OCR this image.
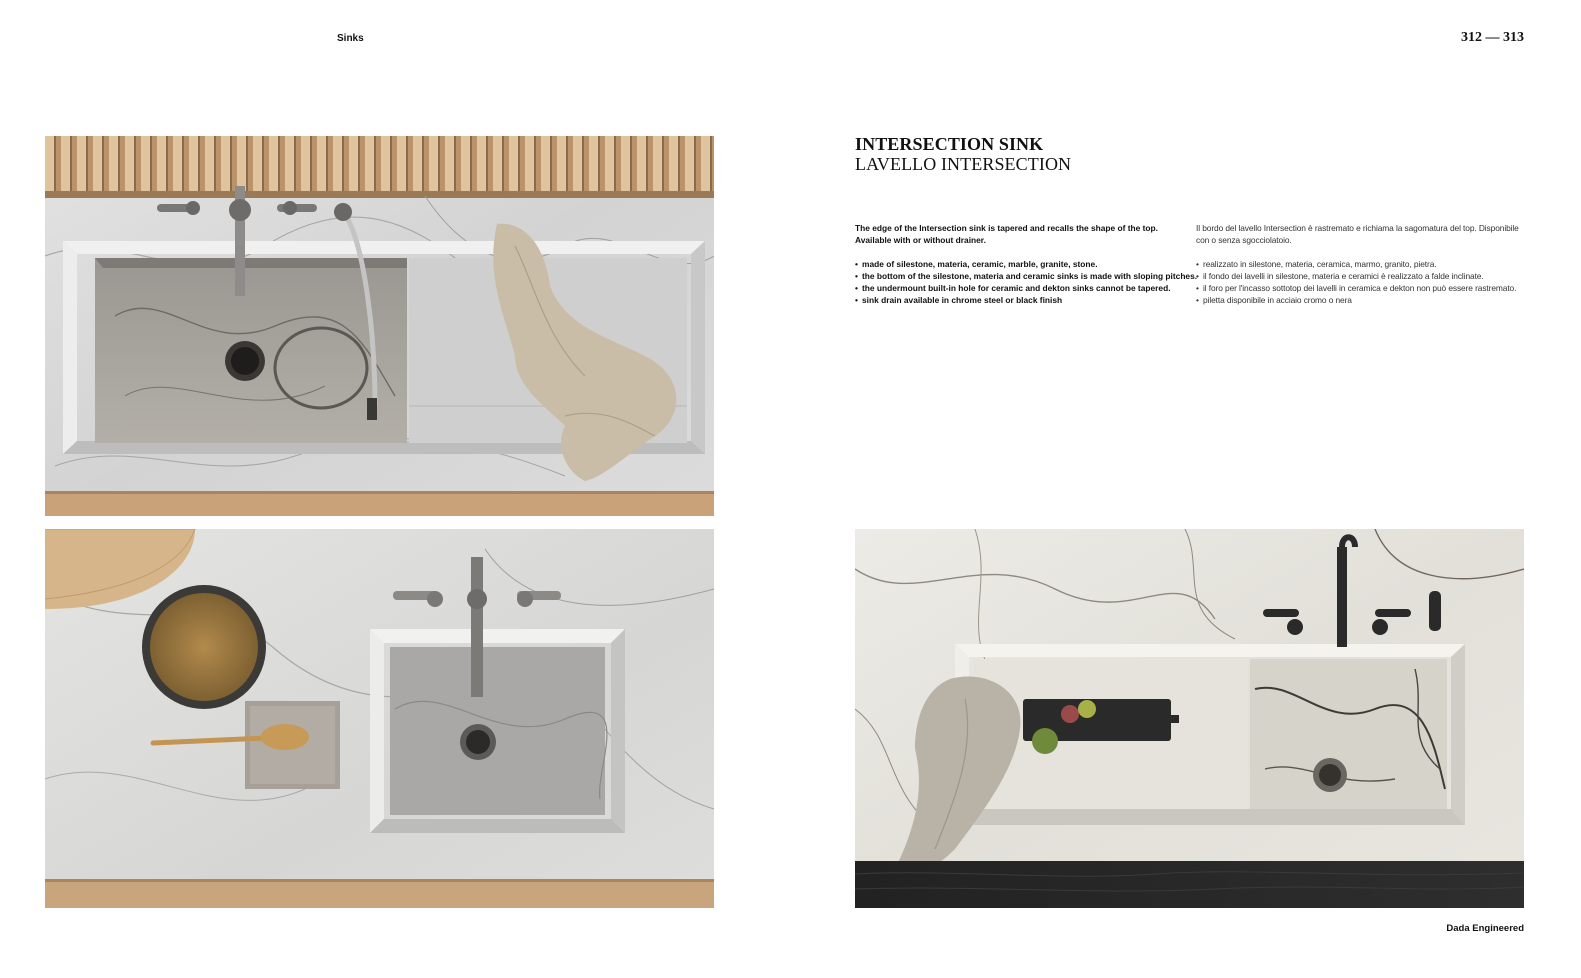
Sinks	312 — 313
INTERSECTION SINK
LAVELLO INTERSECTION

The edge of the Intersection sink is tapered and recalls the shape of the top. Available with or without drainer.

• made of silestone, materia, ceramic, marble, granite, stone.
• the bottom of the silestone, materia and ceramic sinks is made with sloping pitches.
• the undermount built-in hole for ceramic and dekton sinks cannot be tapered.
• sink drain available in chrome steel or black finish

Il bordo del lavello Intersection è rastremato e richiama la sagomatura del top. Disponibile con o senza sgocciolatoio.

• realizzato in silestone, materia, ceramica, marmo, granito, pietra.
• il fondo dei lavelli in silestone, materia e ceramici è realizzato a falde inclinate.
• il foro per l'incasso sottotop dei lavelli in ceramica e dekton non può essere rastremato.
• piletta disponibile in acciaio cromo o nera
Dada Engineered
